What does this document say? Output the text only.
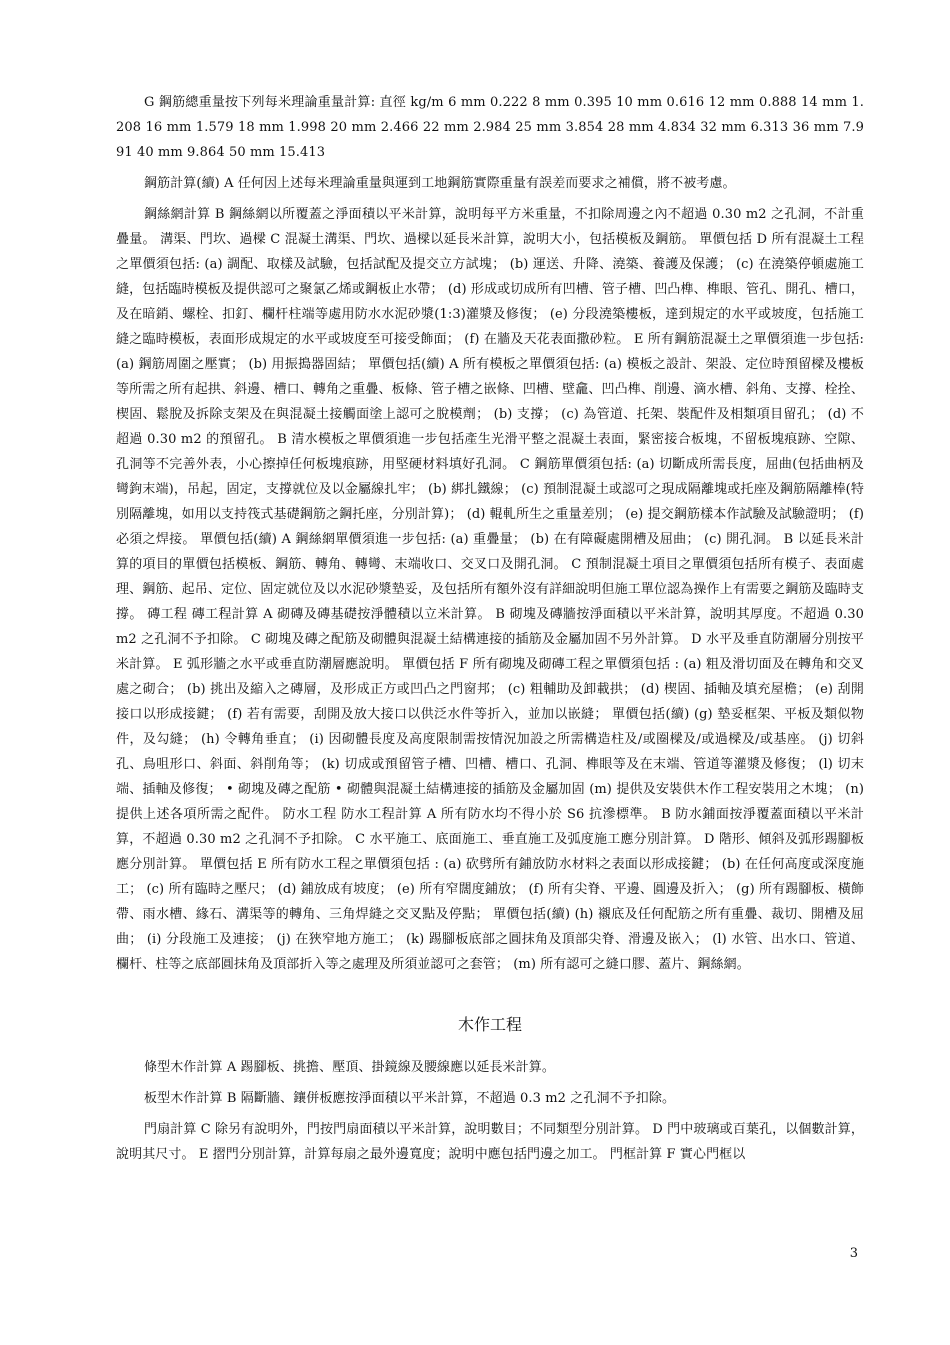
G 鋼筋總重量按下列每米理論重量計算: 直徑 kg/m 6 mm 0.222 8 mm 0.395 10 mm 0.616 12 mm 0.888 14 mm 1.208 16 mm 1.579 18 mm 1.998 20 mm 2.466 22 mm 2.984 25 mm 3.854 28 mm 4.834 32 mm 6.313 36 mm 7.991 40 mm 9.864 50 mm 15.413

鋼筋計算(續) A 任何因上述每米理論重量與運到工地鋼筋實際重量有誤差而要求之補償，將不被考慮。

鋼絲網計算 B 鋼絲網以所覆蓋之淨面積以平米計算，說明每平方米重量，不扣除周邊之內不超過 0.30 m2 之孔洞，不計重疊量。 溝渠、門坎、過樑 C 混凝土溝渠、門坎、過樑以延長米計算，說明大小，包括模板及鋼筋。 單價包括 D 所有混凝土工程之單價須包括: (a) 調配、取樣及試驗，包括試配及提交立方試塊； (b) 運送、升降、澆築、養護及保護； (c) 在澆築停頓處施工縫，包括臨時模板及提供認可之聚氯乙烯或鋼板止水帶； (d) 形成或切成所有凹槽、管子槽、凹凸榫、榫眼、管孔、開孔、槽口，及在暗銷、螺栓、扣釘、欄杆柱端等處用防水水泥砂漿(1:3)灌漿及修復； (e) 分段澆築樓板，達到規定的水平或坡度，包括施工縫之臨時模板，表面形成規定的水平或坡度至可接受飾面； (f) 在牆及天花表面撒砂粒。 E 所有鋼筋混凝土之單價須進一步包括: (a) 鋼筋周圍之壓實； (b) 用振搗器固結； 單價包括(續) A 所有模板之單價須包括: (a) 模板之設計、架設、定位時預留樑及樓板等所需之所有起拱、斜邊、槽口、轉角之重疊、板條、管子槽之嵌條、凹槽、壁龕、凹凸榫、削邊、滴水槽、斜角、支撐、栓拴、楔固、鬆脫及拆除支架及在與混凝土接觸面塗上認可之脫模劑； (b) 支撐； (c) 為管道、托架、裝配件及相類項目留孔； (d) 不超過 0.30 m2 的預留孔。 B 清水模板之單價須進一步包括產生光滑平整之混凝土表面，緊密接合板塊，不留板塊痕跡、空隙、孔洞等不完善外表，小心擦掉任何板塊痕跡，用堅硬材料填好孔洞。 C 鋼筋單價須包括: (a) 切斷成所需長度，屈曲(包括曲柄及彎鉤末端)，吊起，固定，支撐就位及以金屬線扎牢； (b) 綁扎鐵線； (c) 預制混凝土或認可之現成隔離塊或托座及鋼筋隔離棒(特別隔離塊，如用以支持筏式基礎鋼筋之鋼托座，分別計算)； (d) 輥軋所生之重量差別； (e) 提交鋼筋樣本作試驗及試驗證明； (f) 必須之焊接。 單價包括(續) A 鋼絲網單價須進一步包括: (a) 重疊量； (b) 在有障礙處開槽及屈曲； (c) 開孔洞。 B 以延長米計算的項目的單價包括模板、鋼筋、轉角、轉彎、末端收口、交叉口及開孔洞。 C 預制混凝土項目之單價須包括所有模子、表面處理、鋼筋、起吊、定位、固定就位及以水泥砂漿墊妥，及包括所有額外沒有詳細說明但施工單位認為操作上有需要之鋼筋及臨時支撐。 磚工程 磚工程計算 A 砌磚及磚基礎按淨體積以立米計算。 B 砌塊及磚牆按淨面積以平米計算，說明其厚度。不超過 0.30 m2 之孔洞不予扣除。 C 砌塊及磚之配筋及砌體與混凝土結構連接的插筋及金屬加固不另外計算。 D 水平及垂直防潮層分別按平米計算。 E 弧形牆之水平或垂直防潮層應說明。 單價包括 F 所有砌塊及砌磚工程之單價須包括 : (a) 粗及滑切面及在轉角和交叉處之砌合； (b) 挑出及縮入之磚層，及形成正方或凹凸之門窗邦； (c) 粗輔助及卸載拱； (d) 楔固、插軸及填充屋檐； (e) 刮開接口以形成接鍵； (f) 若有需要，刮開及放大接口以供泛水件等折入，並加以嵌縫； 單價包括(續) (g) 墊妥框架、平板及類似物件，及勾縫； (h) 令轉角垂直； (i) 因砌體長度及高度限制需按情況加設之所需構造柱及/或圈樑及/或過樑及/或基座。 (j) 切斜孔、鳥咀形口、斜面、斜削角等； (k) 切成或預留管子槽、凹槽、槽口、孔洞、榫眼等及在末端、管道等灌漿及修復； (l) 切末端、插軸及修復； • 砌塊及磚之配筋 • 砌體與混凝土結構連接的插筋及金屬加固 (m) 提供及安裝供木作工程安裝用之木塊； (n) 提供上述各項所需之配件。 防水工程 防水工程計算 A 所有防水均不得小於 S6 抗滲標準。 B 防水鋪面按淨覆蓋面積以平米計算，不超過 0.30 m2 之孔洞不予扣除。 C 水平施工、底面施工、垂直施工及弧度施工應分別計算。 D 階形、傾斜及弧形踢腳板應分別計算。 單價包括 E 所有防水工程之單價須包括 : (a) 砍劈所有鋪放防水材料之表面以形成接鍵； (b) 在任何高度或深度施工； (c) 所有臨時之壓尺； (d) 鋪放成有坡度； (e) 所有窄闊度鋪放； (f) 所有尖脊、平邊、圓邊及折入； (g) 所有踢腳板、橫飾帶、雨水槽、緣石、溝渠等的轉角、三角焊縫之交叉點及停點； 單價包括(續) (h) 襯底及任何配筋之所有重疊、裁切、開槽及屈曲； (i) 分段施工及連接； (j) 在狹窄地方施工； (k) 踢腳板底部之圓抹角及頂部尖脊、滑邊及嵌入； (l) 水管、出水口、管道、欄杆、柱等之底部圓抹角及頂部折入等之處理及所須並認可之套管； (m) 所有認可之縫口膠、蓋片、鋼絲網。

木作工程

條型木作計算 A 踢腳板、挑擔、壓頂、掛鏡線及腰線應以延長米計算。

板型木作計算 B 隔斷牆、鑲併板應按淨面積以平米計算，不超過 0.3 m2 之孔洞不予扣除。

門扇計算 C 除另有說明外，門按門扇面積以平米計算，說明數目；不同類型分別計算。 D 門中玻璃或百葉孔，以個數計算，說明其尺寸。 E 摺門分別計算，計算每扇之最外邊寬度；說明中應包括門邊之加工。 門框計算 F 實心門框以

3
